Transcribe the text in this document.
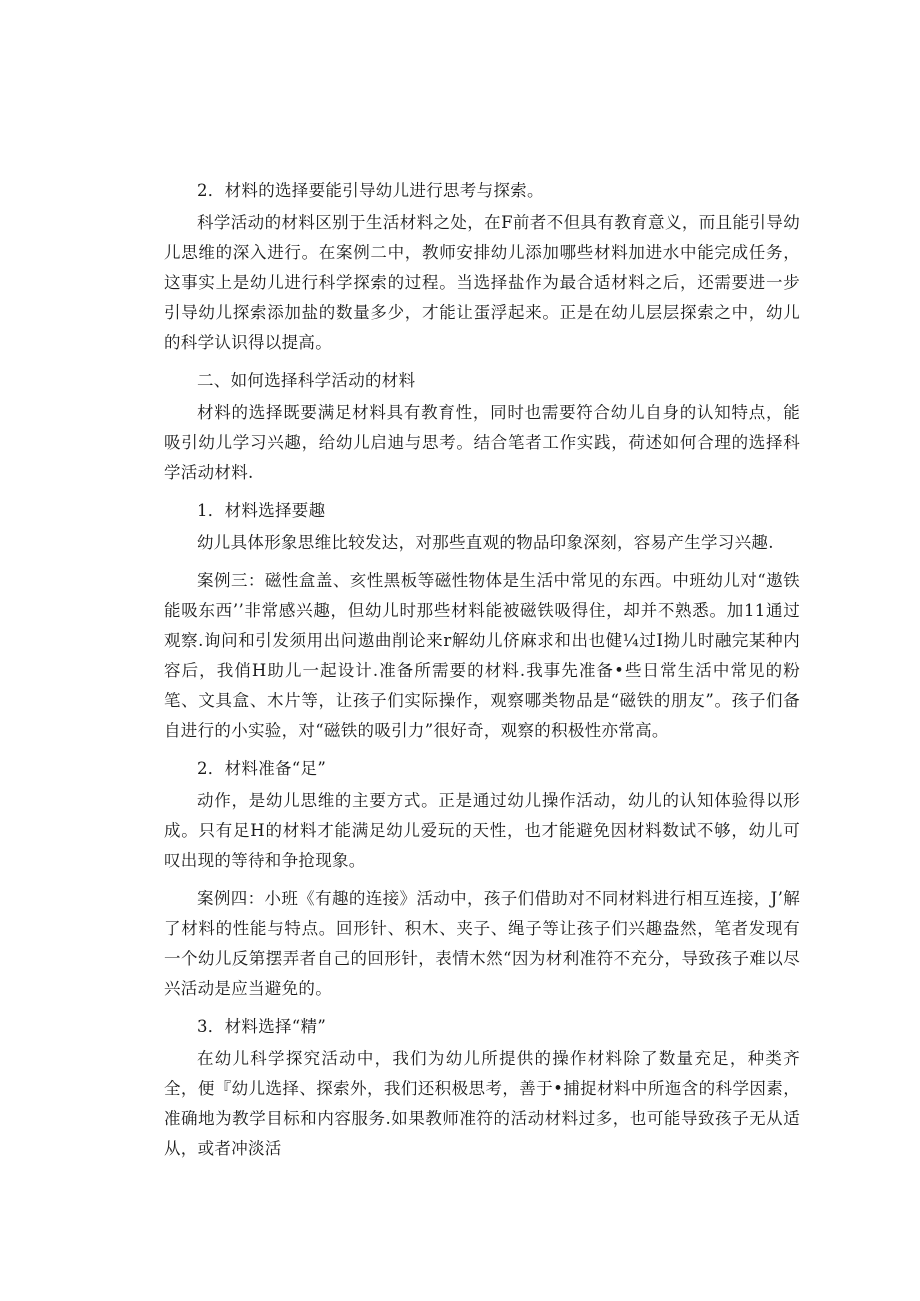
2．材料的选择要能引导幼儿进行思考与探索。

科学活动的材料区别于生活材料之处，在F前者不但具有教育意义，而且能引导幼儿思维的深入进行。在案例二中，教师安排幼儿添加哪些材料加进水中能完成任务，这事实上是幼儿进行科学探索的过程。当选择盐作为最合适材料之后，还需要进一步引导幼儿探索添加盐的数量多少，才能让蛋浮起来。正是在幼儿层层探索之中，幼儿的科学认识得以提高。

二、如何选择科学活动的材料

材料的选择既要满足材料具有教育性，同时也需要符合幼儿自身的认知特点，能吸引幼儿学习兴趣，给幼儿启迪与思考。结合笔者工作实践，荷述如何合理的选择科学活动材料.

1．材料选择要趣

幼儿具体形象思维比较发达，对那些直观的物品印象深刻，容易产生学习兴趣.

案例三：磁性盒盖、亥性黑板等磁性物体是生活中常见的东西。中班幼儿对“遨铁能吸东西’’非常感兴趣，但幼儿时那些材料能被磁铁吸得住，却并不熟悉。加11通过观察.询问和引发须用出问遨曲削论来r解幼儿侪麻求和出也健¼过I拗儿时融完某种内容后，我俏H助儿一起设计.准备所需要的材料.我事先准备•些日常生活中常见的粉笔、文具盒、木片等，让孩子们实际操作，观察哪类物品是“磁铁的朋友”。孩子们备自进行的小实验，对“磁铁的吸引力”很好奇，观察的积极性亦常高。

2．材料准备“足”

动作，是幼儿思维的主要方式。正是通过幼儿操作活动，幼儿的认知体验得以形成。只有足H的材料才能满足幼儿爱玩的天性，也才能避免因材料数试不够，幼儿可叹出现的等待和争抢现象。

案例四：小班《有趣的连接》活动中，孩子们借助对不同材料进行相互连接，J’解了材料的性能与特点。回形针、积木、夹子、绳子等让孩子们兴趣盎然，笔者发现有一个幼儿反第摆弄者自己的回形针，表情木然“因为材利准符不充分，导致孩子难以尽兴活动是应当避免的。

3．材料选择“精”

在幼儿科学探究活动中，我们为幼儿所提供的操作材料除了数量充足，种类齐全，便『幼儿选择、探索外，我们还积极思考，善于•捕捉材料中所迤含的科学因素，准确地为教学目标和内容服务.如果教师准符的活动材料过多，也可能导致孩子无从适从，或者冲淡活
